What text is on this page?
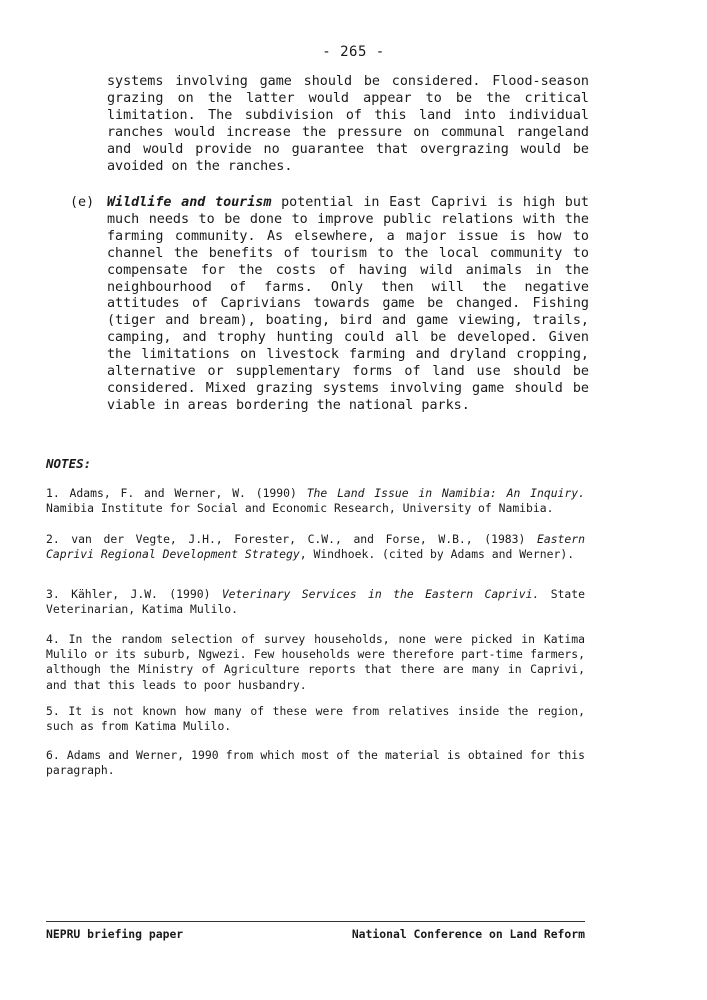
- 265 -
systems involving game should be considered. Flood-season grazing on the latter would appear to be the critical limitation. The subdivision of this land into individual ranches would increase the pressure on communal rangeland and would provide no guarantee that overgrazing would be avoided on the ranches.
(e) Wildlife and tourism potential in East Caprivi is high but much needs to be done to improve public relations with the farming community. As elsewhere, a major issue is how to channel the benefits of tourism to the local community to compensate for the costs of having wild animals in the neighbourhood of farms. Only then will the negative attitudes of Caprivians towards game be changed. Fishing (tiger and bream), boating, bird and game viewing, trails, camping, and trophy hunting could all be developed. Given the limitations on livestock farming and dryland cropping, alternative or supplementary forms of land use should be considered. Mixed grazing systems involving game should be viable in areas bordering the national parks.
NOTES:
1. Adams, F. and Werner, W. (1990) The Land Issue in Namibia: An Inquiry. Namibia Institute for Social and Economic Research, University of Namibia.
2. van der Vegte, J.H., Forester, C.W., and Forse, W.B., (1983) Eastern Caprivi Regional Development Strategy, Windhoek. (cited by Adams and Werner).
3. Kähler, J.W. (1990) Veterinary Services in the Eastern Caprivi. State Veterinarian, Katima Mulilo.
4. In the random selection of survey households, none were picked in Katima Mulilo or its suburb, Ngwezi. Few households were therefore part-time farmers, although the Ministry of Agriculture reports that there are many in Caprivi, and that this leads to poor husbandry.
5. It is not known how many of these were from relatives inside the region, such as from Katima Mulilo.
6. Adams and Werner, 1990 from which most of the material is obtained for this paragraph.
NEPRU briefing paper	National Conference on Land Reform
